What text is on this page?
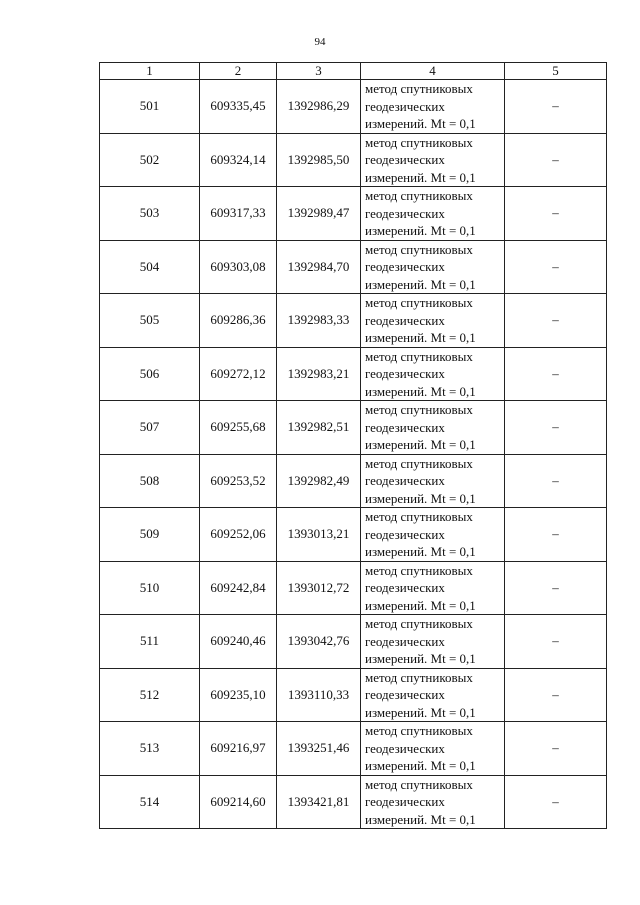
94
1	2	3	4	5
501	609335,45	1392986,29	метод спутниковых
геодезических
измерений. Mt = 0,1	–
502	609324,14	1392985,50	метод спутниковых
геодезических
измерений. Mt = 0,1	–
503	609317,33	1392989,47	метод спутниковых
геодезических
измерений. Mt = 0,1	–
504	609303,08	1392984,70	метод спутниковых
геодезических
измерений. Mt = 0,1	–
505	609286,36	1392983,33	метод спутниковых
геодезических
измерений. Mt = 0,1	–
506	609272,12	1392983,21	метод спутниковых
геодезических
измерений. Mt = 0,1	–
507	609255,68	1392982,51	метод спутниковых
геодезических
измерений. Mt = 0,1	–
508	609253,52	1392982,49	метод спутниковых
геодезических
измерений. Mt = 0,1	–
509	609252,06	1393013,21	метод спутниковых
геодезических
измерений. Mt = 0,1	–
510	609242,84	1393012,72	метод спутниковых
геодезических
измерений. Mt = 0,1	–
511	609240,46	1393042,76	метод спутниковых
геодезических
измерений. Mt = 0,1	–
512	609235,10	1393110,33	метод спутниковых
геодезических
измерений. Mt = 0,1	–
513	609216,97	1393251,46	метод спутниковых
геодезических
измерений. Mt = 0,1	–
514	609214,60	1393421,81	метод спутниковых
геодезических
измерений. Mt = 0,1	–
